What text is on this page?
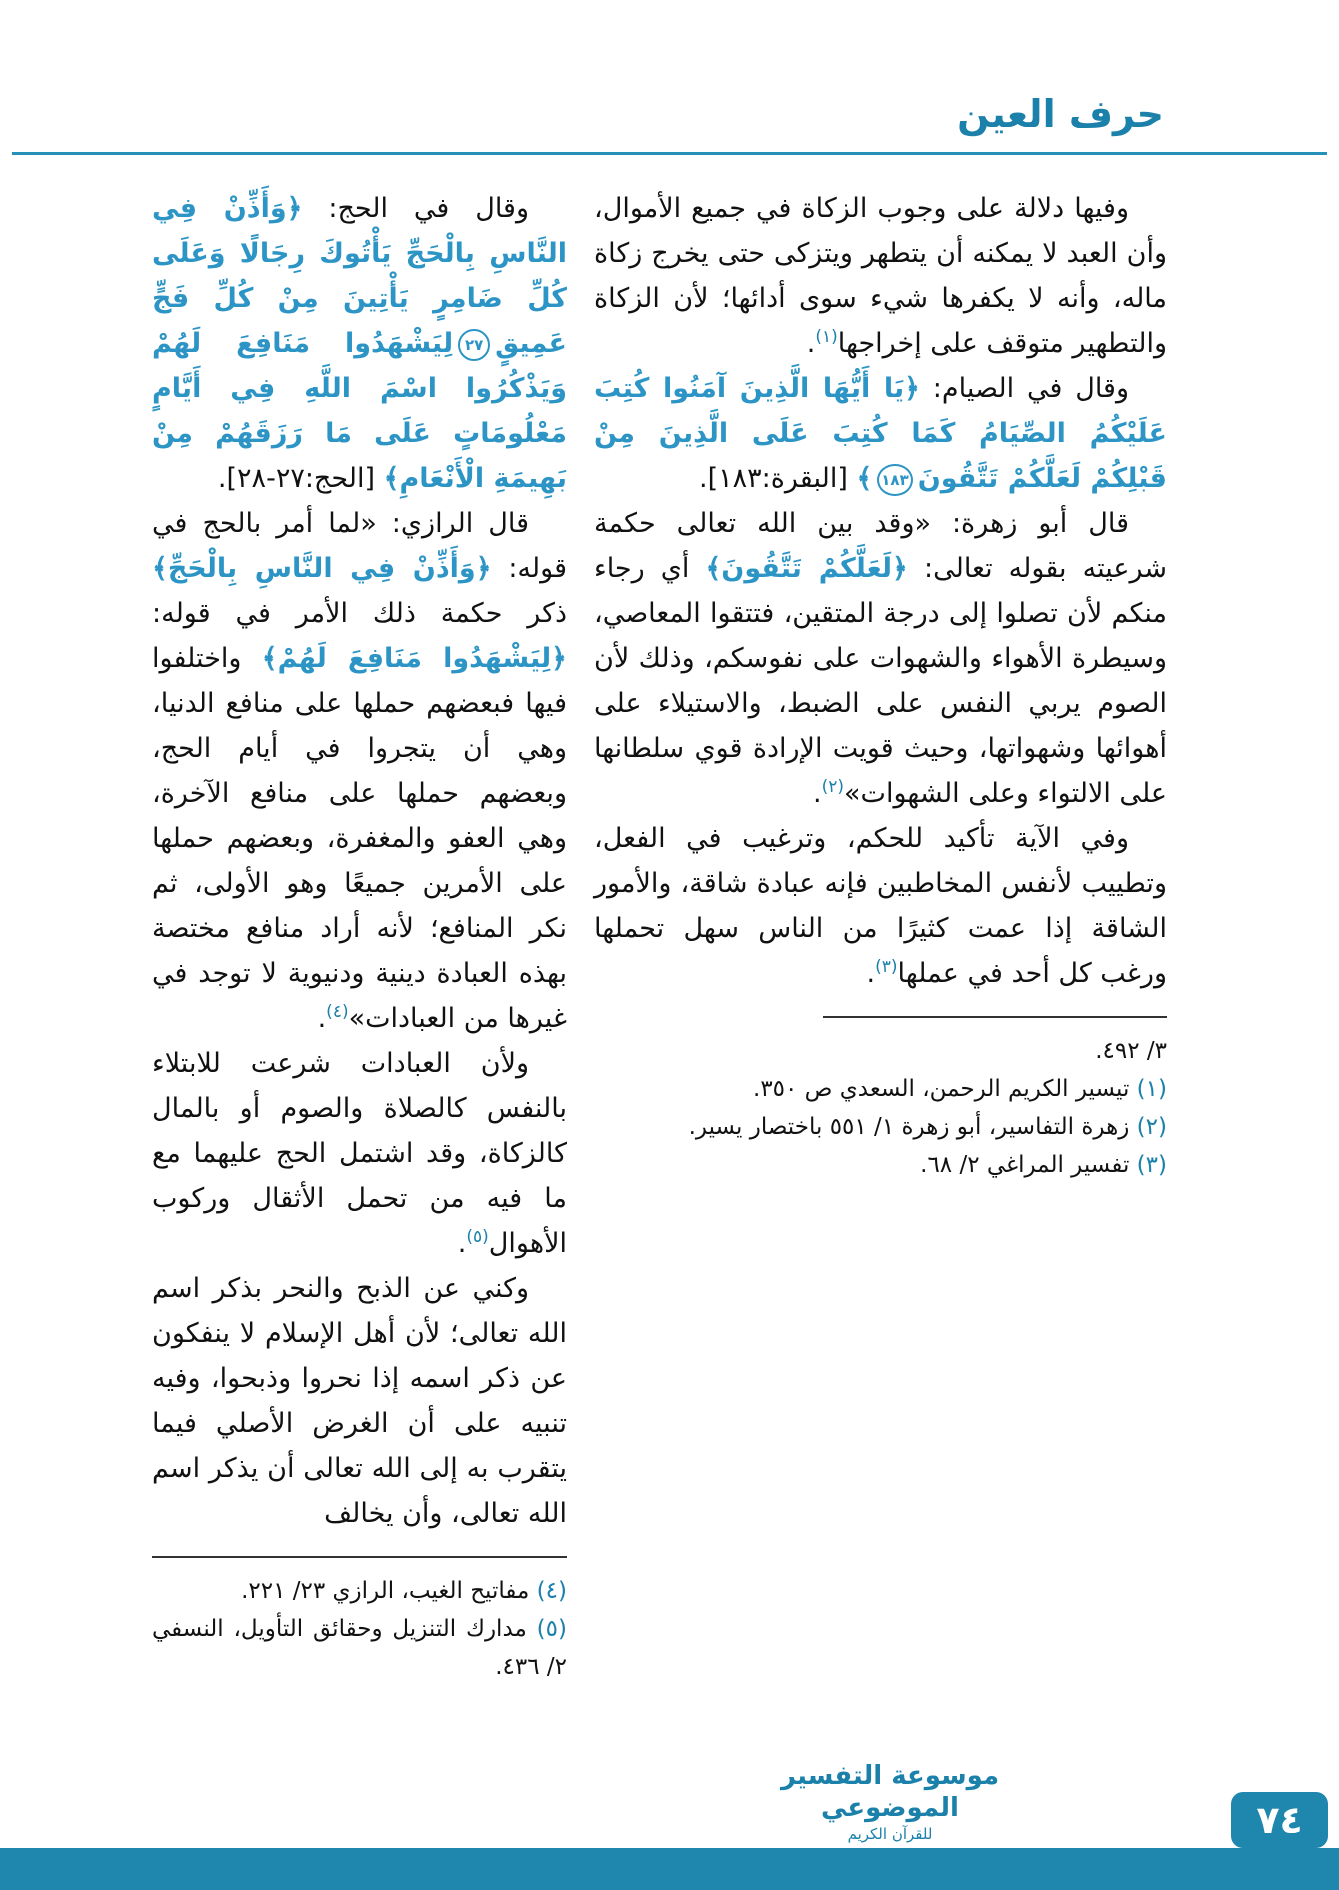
حرف العين

وفيها دلالة على وجوب الزكاة في جميع الأموال، وأن العبد لا يمكنه أن يتطهر ويتزكى حتى يخرج زكاة ماله، وأنه لا يكفرها شيء سوى أدائها؛ لأن الزكاة والتطهير متوقف على إخراجها$^{(١)}$.

وقال في الصيام: ﴿يَا أَيُّهَا الَّذِينَ آمَنُوا كُتِبَ عَلَيْكُمُ الصِّيَامُ كَمَا كُتِبَ عَلَى الَّذِينَ مِنْ قَبْلِكُمْ لَعَلَّكُمْ تَتَّقُونَ١٨٣﴾ [البقرة:١٨٣].

قال أبو زهرة: «وقد بين الله تعالى حكمة شرعيته بقوله تعالى: ﴿لَعَلَّكُمْ تَتَّقُونَ﴾ أي رجاء منكم لأن تصلوا إلى درجة المتقين، فتتقوا المعاصي، وسيطرة الأهواء والشهوات على نفوسكم، وذلك لأن الصوم يربي النفس على الضبط، والاستيلاء على أهوائها وشهواتها، وحيث قويت الإرادة قوي سلطانها على الالتواء وعلى الشهوات»$^{(٢)}$.

وفي الآية تأكيد للحكم، وترغيب في الفعل، وتطييب لأنفس المخاطبين فإنه عبادة شاقة، والأمور الشاقة إذا عمت كثيرًا من الناس سهل تحملها ورغب كل أحد في عملها$^{(٣)}$.

٣/ ٤٩٢.
(١) تيسير الكريم الرحمن، السعدي ص ٣٥٠.
(٢) زهرة التفاسير، أبو زهرة ١/ ٥٥١ باختصار يسير.
(٣) تفسير المراغي ٢/ ٦٨.

وقال في الحج: ﴿وَأَذِّنْ فِي النَّاسِ بِالْحَجِّ يَأْتُوكَ رِجَالًا وَعَلَى كُلِّ ضَامِرٍ يَأْتِينَ مِنْ كُلِّ فَجٍّ عَمِيقٍ٢٧لِيَشْهَدُوا مَنَافِعَ لَهُمْ وَيَذْكُرُوا اسْمَ اللَّهِ فِي أَيَّامٍ مَعْلُومَاتٍ عَلَى مَا رَزَقَهُمْ مِنْ بَهِيمَةِ الْأَنْعَامِ﴾ [الحج:٢٧-٢٨].

قال الرازي: «لما أمر بالحج في قوله: ﴿وَأَذِّنْ فِي النَّاسِ بِالْحَجِّ﴾ ذكر حكمة ذلك الأمر في قوله: ﴿لِيَشْهَدُوا مَنَافِعَ لَهُمْ﴾ واختلفوا فيها فبعضهم حملها على منافع الدنيا، وهي أن يتجروا في أيام الحج، وبعضهم حملها على منافع الآخرة، وهي العفو والمغفرة، وبعضهم حملها على الأمرين جميعًا وهو الأولى، ثم نكر المنافع؛ لأنه أراد منافع مختصة بهذه العبادة دينية ودنيوية لا توجد في غيرها من العبادات»$^{(٤)}$.

ولأن العبادات شرعت للابتلاء بالنفس كالصلاة والصوم أو بالمال كالزكاة، وقد اشتمل الحج عليهما مع ما فيه من تحمل الأثقال وركوب الأهوال$^{(٥)}$.

وكني عن الذبح والنحر بذكر اسم الله تعالى؛ لأن أهل الإسلام لا ينفكون عن ذكر اسمه إذا نحروا وذبحوا، وفيه تنبيه على أن الغرض الأصلي فيما يتقرب به إلى الله تعالى أن يذكر اسم الله تعالى، وأن يخالف

(٤) مفاتيح الغيب، الرازي ٢٣/ ٢٢١.
(٥) مدارك التنزيل وحقائق التأويل، النسفي ٢/ ٤٣٦.
موسوعة التفسير الموضوعي
للقرآن الكريم	٧٤
